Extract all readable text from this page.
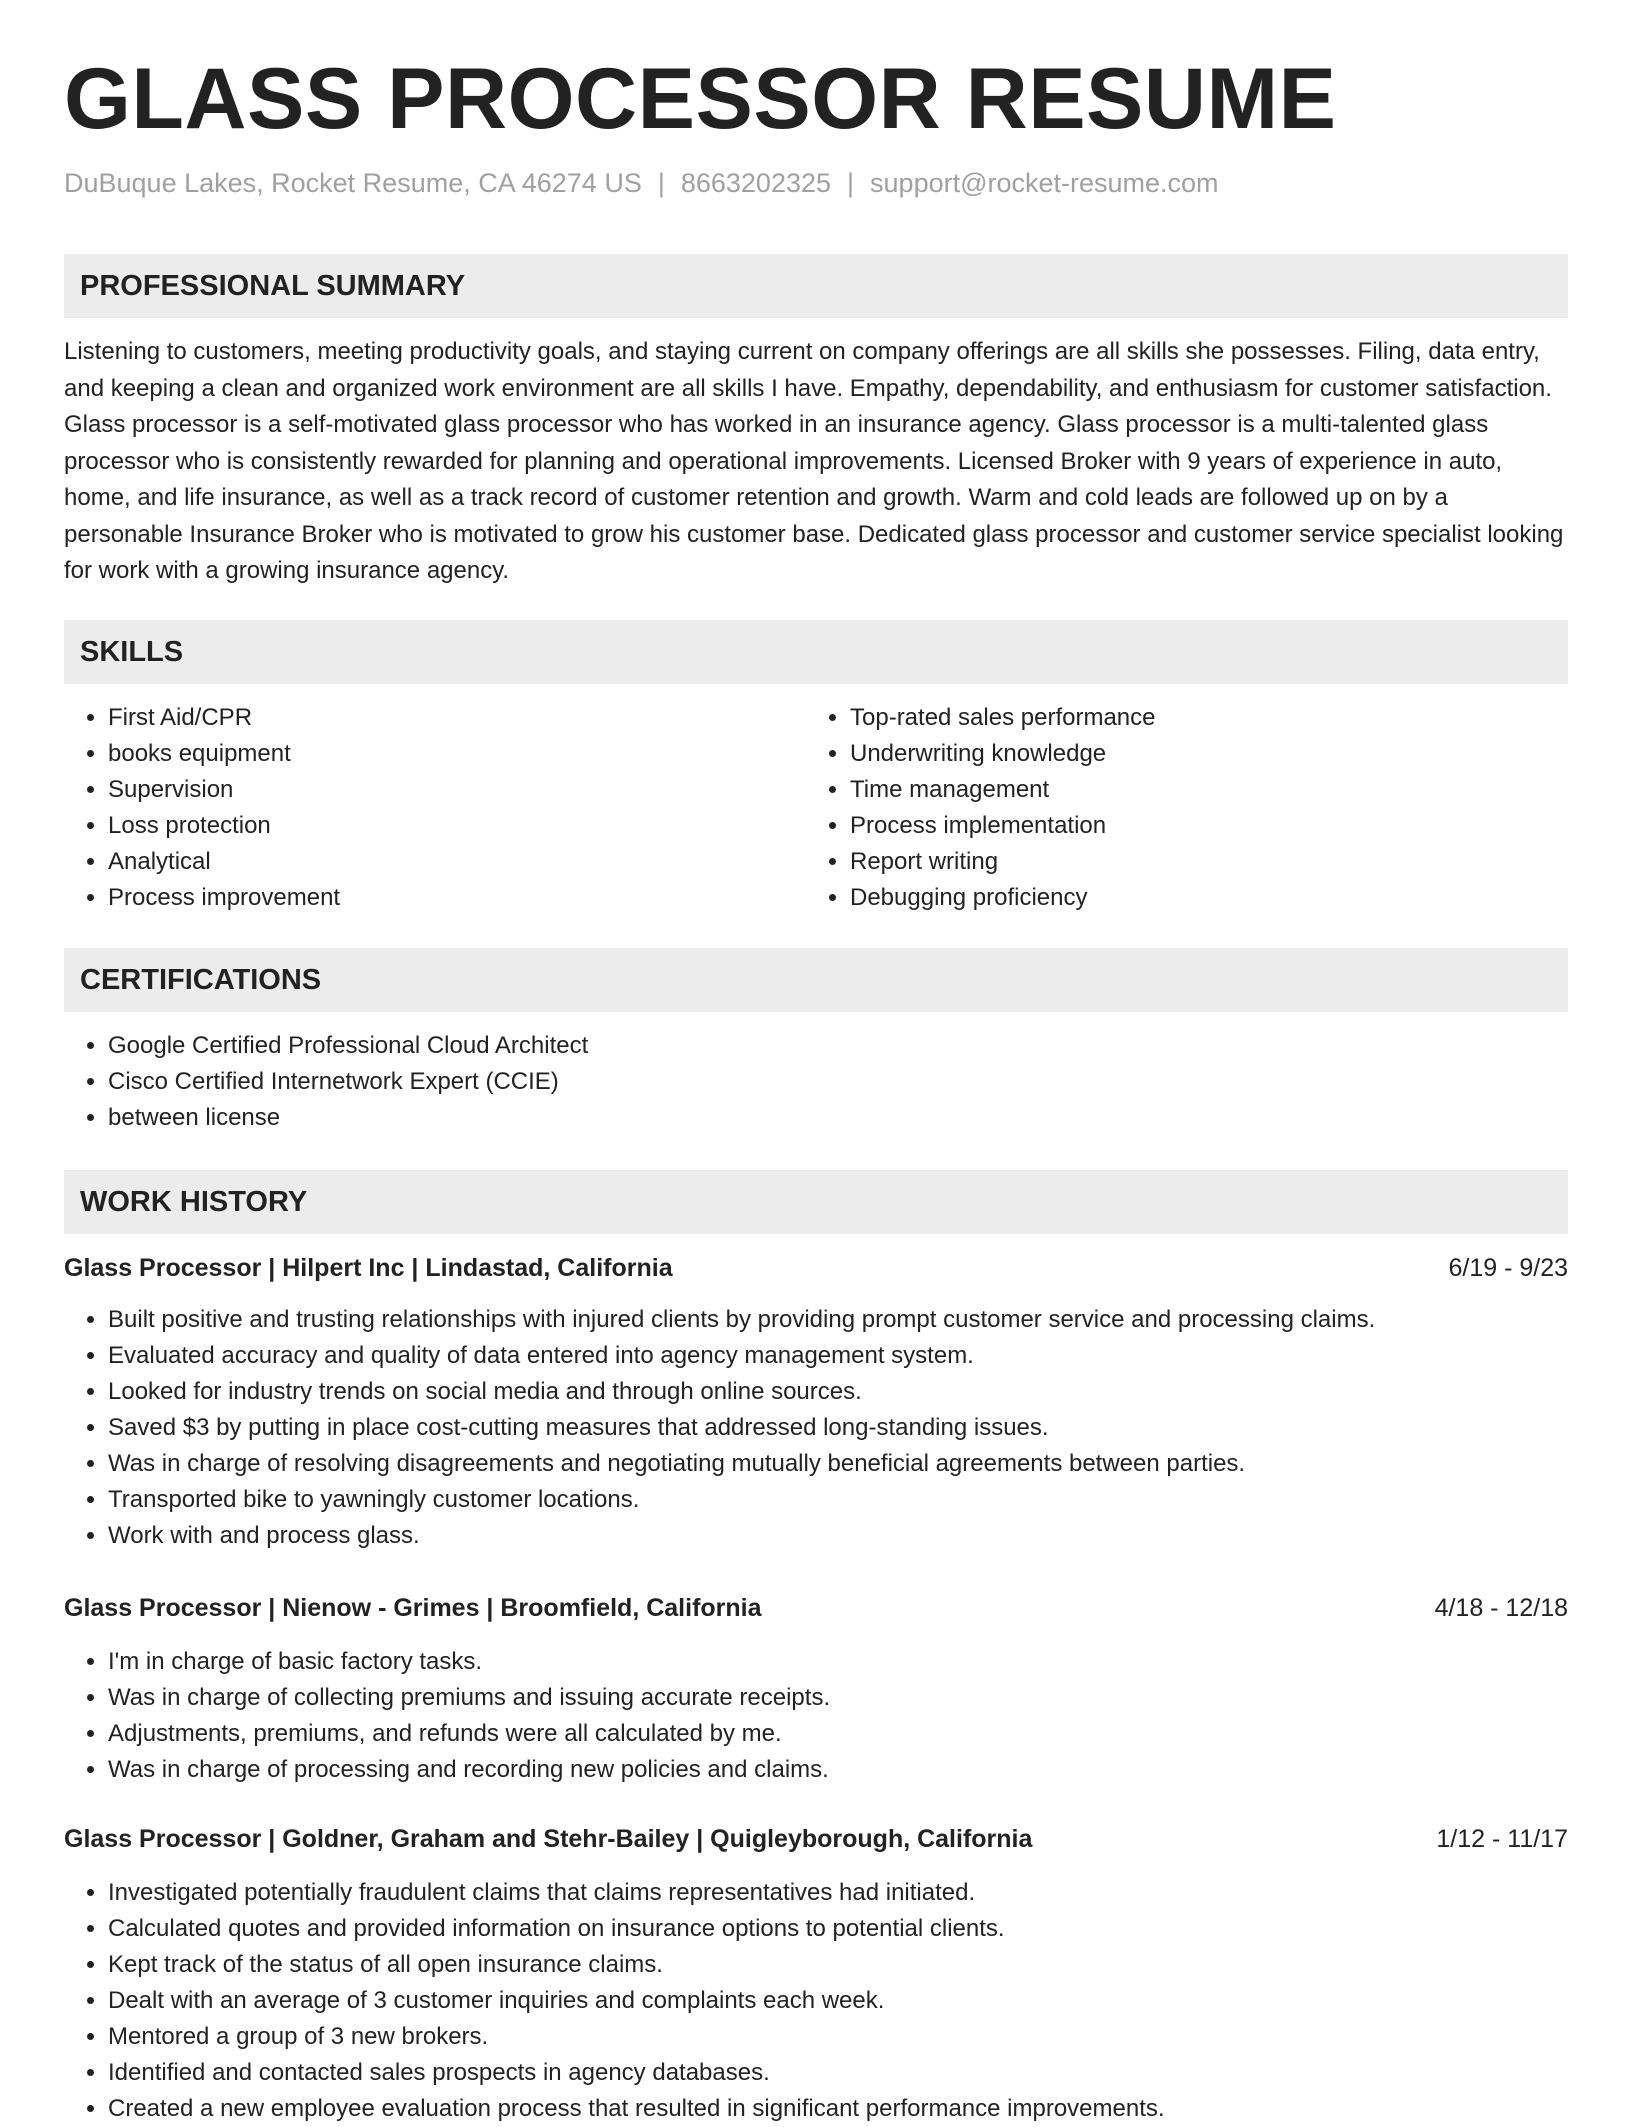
GLASS PROCESSOR RESUME
DuBuque Lakes, Rocket Resume, CA 46274 US | 8663202325 | support@rocket-resume.com
PROFESSIONAL SUMMARY

Listening to customers, meeting productivity goals, and staying current on company offerings are all skills she possesses. Filing, data entry, and keeping a clean and organized work environment are all skills I have. Empathy, dependability, and enthusiasm for customer satisfaction. Glass processor is a self-motivated glass processor who has worked in an insurance agency. Glass processor is a multi-talented glass processor who is consistently rewarded for planning and operational improvements. Licensed Broker with 9 years of experience in auto, home, and life insurance, as well as a track record of customer retention and growth. Warm and cold leads are followed up on by a personable Insurance Broker who is motivated to grow his customer base. Dedicated glass processor and customer service specialist looking for work with a growing insurance agency.

SKILLS
• First Aid/CPR
• books equipment
• Supervision
• Loss protection
• Analytical
• Process improvement
• Top-rated sales performance
• Underwriting knowledge
• Time management
• Process implementation
• Report writing
• Debugging proficiency
CERTIFICATIONS
• Google Certified Professional Cloud Architect
• Cisco Certified Internetwork Expert (CCIE)
• between license
WORK HISTORY
Glass Processor | Hilpert Inc | Lindastad, California	6/19 - 9/23
• Built positive and trusting relationships with injured clients by providing prompt customer service and processing claims.
• Evaluated accuracy and quality of data entered into agency management system.
• Looked for industry trends on social media and through online sources.
• Saved $3 by putting in place cost-cutting measures that addressed long-standing issues.
• Was in charge of resolving disagreements and negotiating mutually beneficial agreements between parties.
• Transported bike to yawningly customer locations.
• Work with and process glass.
Glass Processor | Nienow - Grimes | Broomfield, California	4/18 - 12/18
• I'm in charge of basic factory tasks.
• Was in charge of collecting premiums and issuing accurate receipts.
• Adjustments, premiums, and refunds were all calculated by me.
• Was in charge of processing and recording new policies and claims.
Glass Processor | Goldner, Graham and Stehr-Bailey | Quigleyborough, California	1/12 - 11/17
• Investigated potentially fraudulent claims that claims representatives had initiated.
• Calculated quotes and provided information on insurance options to potential clients.
• Kept track of the status of all open insurance claims.
• Dealt with an average of 3 customer inquiries and complaints each week.
• Mentored a group of 3 new brokers.
• Identified and contacted sales prospects in agency databases.
• Created a new employee evaluation process that resulted in significant performance improvements.
